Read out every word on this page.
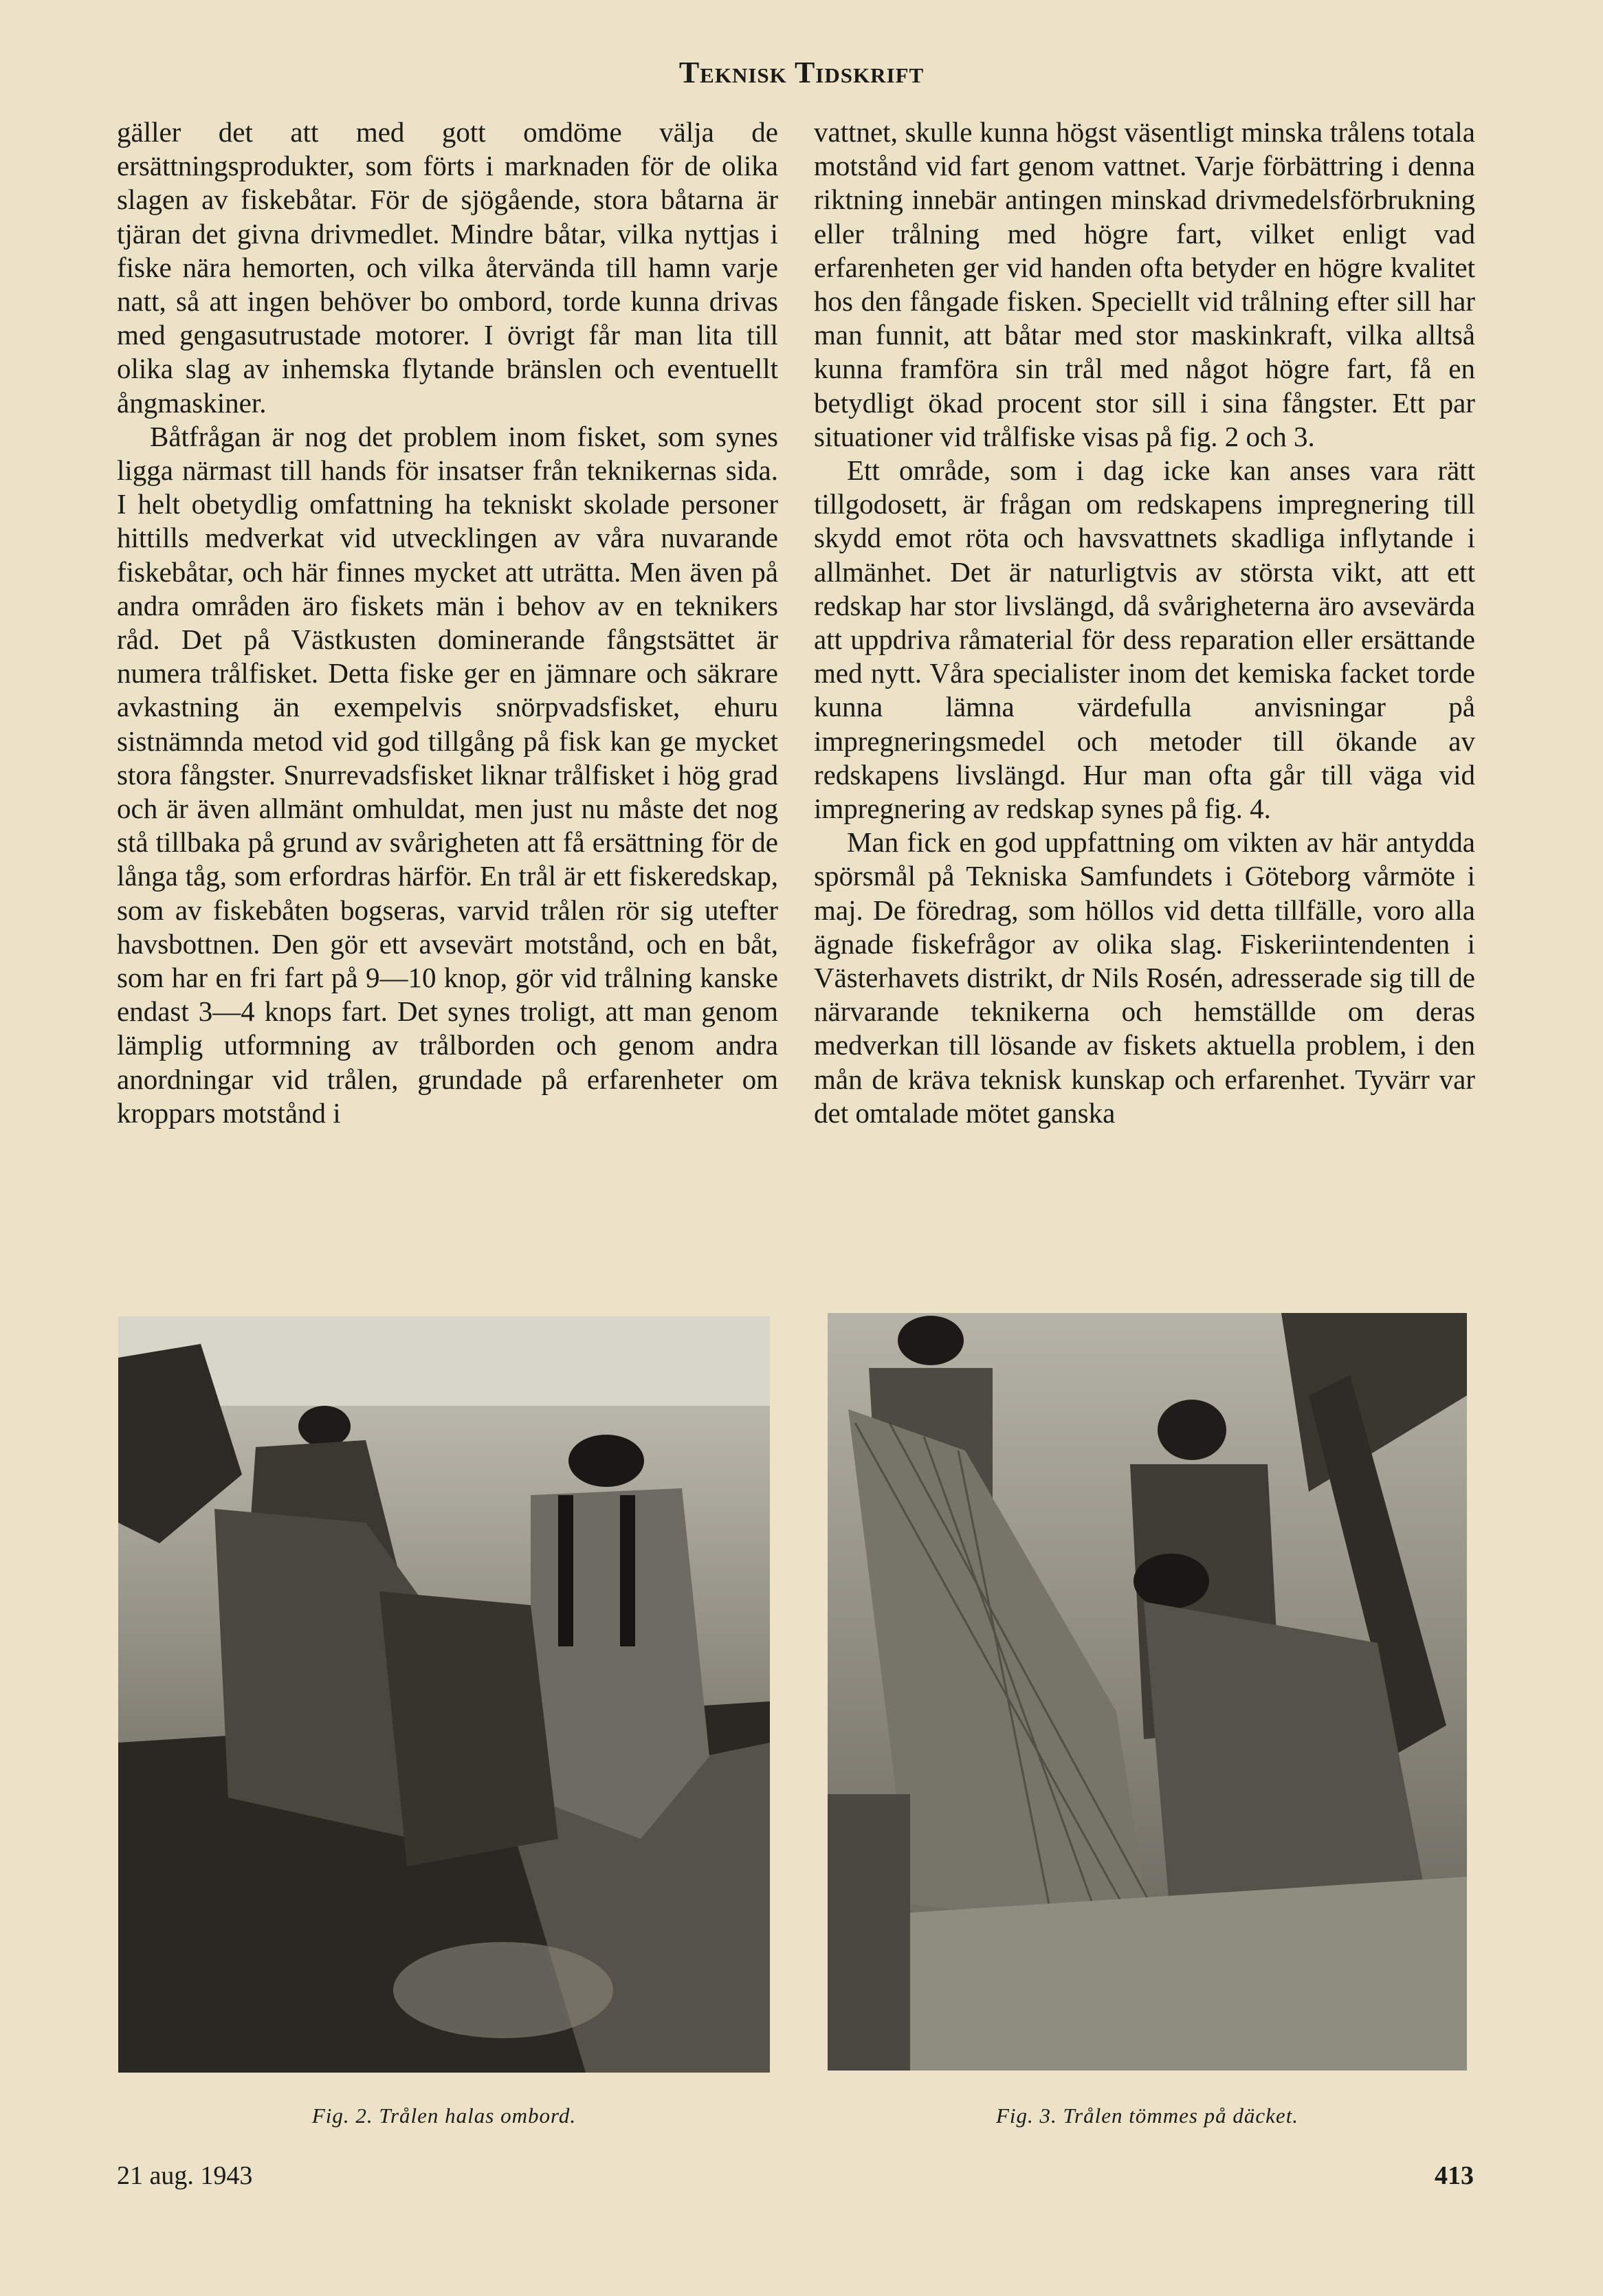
Teknisk Tidskrift

gäller det att med gott omdöme välja de ersättningsprodukter, som förts i marknaden för de olika slagen av fiskebåtar. För de sjögående, stora båtarna är tjäran det givna drivmedlet. Mindre båtar, vilka nyttjas i fiske nära hemorten, och vilka återvända till hamn varje natt, så att ingen behöver bo ombord, torde kunna drivas med gengasutrustade motorer. I övrigt får man lita till olika slag av inhemska flytande bränslen och eventuellt ångmaskiner.

Båtfrågan är nog det problem inom fisket, som synes ligga närmast till hands för insatser från teknikernas sida. I helt obetydlig omfattning ha tekniskt skolade personer hittills medverkat vid utvecklingen av våra nuvarande fiskebåtar, och här finnes mycket att uträtta. Men även på andra områden äro fiskets män i behov av en teknikers råd. Det på Västkusten dominerande fångstsättet är numera trålfisket. Detta fiske ger en jämnare och säkrare avkastning än exempelvis snörpvadsfisket, ehuru sistnämnda metod vid god tillgång på fisk kan ge mycket stora fångster. Snurrevadsfisket liknar trålfisket i hög grad och är även allmänt omhuldat, men just nu måste det nog stå tillbaka på grund av svårigheten att få ersättning för de långa tåg, som erfordras härför. En trål är ett fiskeredskap, som av fiskebåten bogseras, varvid trålen rör sig utefter havsbottnen. Den gör ett avsevärt motstånd, och en båt, som har en fri fart på 9—10 knop, gör vid trålning kanske endast 3—4 knops fart. Det synes troligt, att man genom lämplig utformning av trålborden och genom andra anordningar vid trålen, grundade på erfarenheter om kroppars motstånd i

vattnet, skulle kunna högst väsentligt minska trålens totala motstånd vid fart genom vattnet. Varje förbättring i denna riktning innebär antingen minskad drivmedelsförbrukning eller trålning med högre fart, vilket enligt vad erfarenheten ger vid handen ofta betyder en högre kvalitet hos den fångade fisken. Speciellt vid trålning efter sill har man funnit, att båtar med stor maskinkraft, vilka alltså kunna framföra sin trål med något högre fart, få en betydligt ökad procent stor sill i sina fångster. Ett par situationer vid trålfiske visas på fig. 2 och 3.

Ett område, som i dag icke kan anses vara rätt tillgodosett, är frågan om redskapens impregnering till skydd emot röta och havsvattnets skadliga inflytande i allmänhet. Det är naturligtvis av största vikt, att ett redskap har stor livslängd, då svårigheterna äro avsevärda att uppdriva råmaterial för dess reparation eller ersättande med nytt. Våra specialister inom det kemiska facket torde kunna lämna värdefulla anvisningar på impregneringsmedel och metoder till ökande av redskapens livslängd. Hur man ofta går till väga vid impregnering av redskap synes på fig. 4.

Man fick en god uppfattning om vikten av här antydda spörsmål på Tekniska Samfundets i Göteborg vårmöte i maj. De föredrag, som höllos vid detta tillfälle, voro alla ägnade fiskefrågor av olika slag. Fiskeriintendenten i Västerhavets distrikt, dr Nils Rosén, adresserade sig till de närvarande teknikerna och hemställde om deras medverkan till lösande av fiskets aktuella problem, i den mån de kräva teknisk kunskap och erfarenhet. Tyvärr var det omtalade mötet ganska

Fig. 2. Trålen halas ombord.	Fig. 3. Trålen tömmes på däcket.
21 aug. 1943	413
